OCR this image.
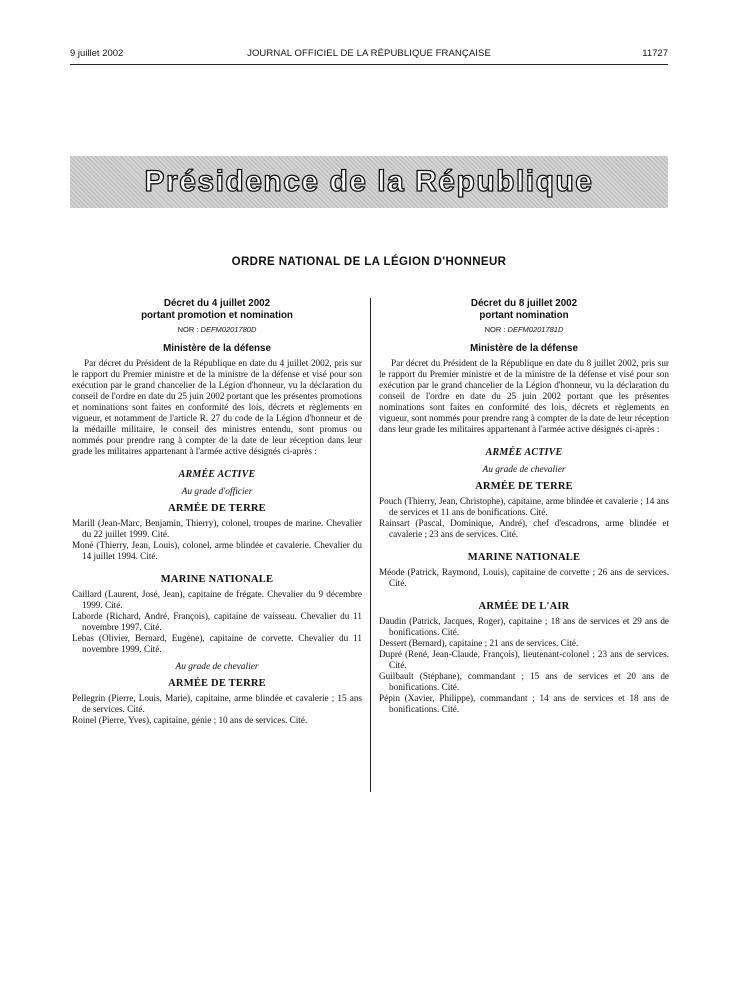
9 juillet 2002	JOURNAL OFFICIEL DE LA RÉPUBLIQUE FRANÇAISE	11727
Présidence de la République
ORDRE NATIONAL DE LA LÉGION D'HONNEUR
Décret du 4 juillet 2002
portant promotion et nomination
NOR : DEFM0201780D
Ministère de la défense
Par décret du Président de la République en date du 4 juillet 2002, pris sur le rapport du Premier ministre et de la ministre de la défense et visé pour son exécution par le grand chancelier de la Légion d'honneur, vu la déclaration du conseil de l'ordre en date du 25 juin 2002 portant que les présentes promotions et nominations sont faites en conformité des lois, décrets et règlements en vigueur, et notamment de l'article R. 27 du code de la Légion d'honneur et de la médaille militaire, le conseil des ministres entendu, sont promus ou nommés pour prendre rang à compter de la date de leur réception dans leur grade les militaires appartenant à l'armée active désignés ci-après :
ARMÉE ACTIVE
Au grade d'officier
ARMÉE DE TERRE
Marill (Jean-Marc, Benjamin, Thierry), colonel, troupes de marine. Chevalier du 22 juillet 1999. Cité.
Moné (Thierry, Jean, Louis), colonel, arme blindée et cavalerie. Chevalier du 14 juillet 1994. Cité.
MARINE NATIONALE
Caillard (Laurent, José, Jean), capitaine de frégate. Chevalier du 9 décembre 1999. Cité.
Laborde (Richard, André, François), capitaine de vaisseau. Chevalier du 11 novembre 1997. Cité.
Lebas (Olivier, Bernard, Eugène), capitaine de corvette. Chevalier du 11 novembre 1999. Cité.
Au grade de chevalier
ARMÉE DE TERRE
Pellegrin (Pierre, Louis, Marie), capitaine, arme blindée et cavalerie ; 15 ans de services. Cité.
Roinel (Pierre, Yves), capitaine, génie ; 10 ans de services. Cité.
Décret du 8 juillet 2002
portant nomination
NOR : DEFM0201781D
Ministère de la défense
Par décret du Président de la République en date du 8 juillet 2002, pris sur le rapport du Premier ministre et de la ministre de la défense et visé pour son exécution par le grand chancelier de la Légion d'honneur, vu la déclaration du conseil de l'ordre en date du 25 juin 2002 portant que les présentes nominations sont faites en conformité des lois, décrets et règlements en vigueur, sont nommés pour prendre rang à compter de la date de leur réception dans leur grade les militaires appartenant à l'armée active désignés ci-après :
ARMÉE ACTIVE
Au grade de chevalier
ARMÉE DE TERRE
Pouch (Thierry, Jean, Christophe), capitaine, arme blindée et cavalerie ; 14 ans de services et 11 ans de bonifications. Cité.
Rainsart (Pascal, Dominique, André), chef d'escadrons, arme blindée et cavalerie ; 23 ans de services. Cité.
MARINE NATIONALE
Méode (Patrick, Raymond, Louis), capitaine de corvette ; 26 ans de services. Cité.
ARMÉE DE L'AIR
Daudin (Patrick, Jacques, Roger), capitaine ; 18 ans de services et 29 ans de bonifications. Cité.
Dessert (Bernard), capitaine ; 21 ans de services. Cité.
Dupré (René, Jean-Claude, François), lieutenant-colonel ; 23 ans de services. Cité.
Guilbault (Stéphane), commandant ; 15 ans de services et 20 ans de bonifications. Cité.
Pépin (Xavier, Philippe), commandant ; 14 ans de services et 18 ans de bonifications. Cité.
